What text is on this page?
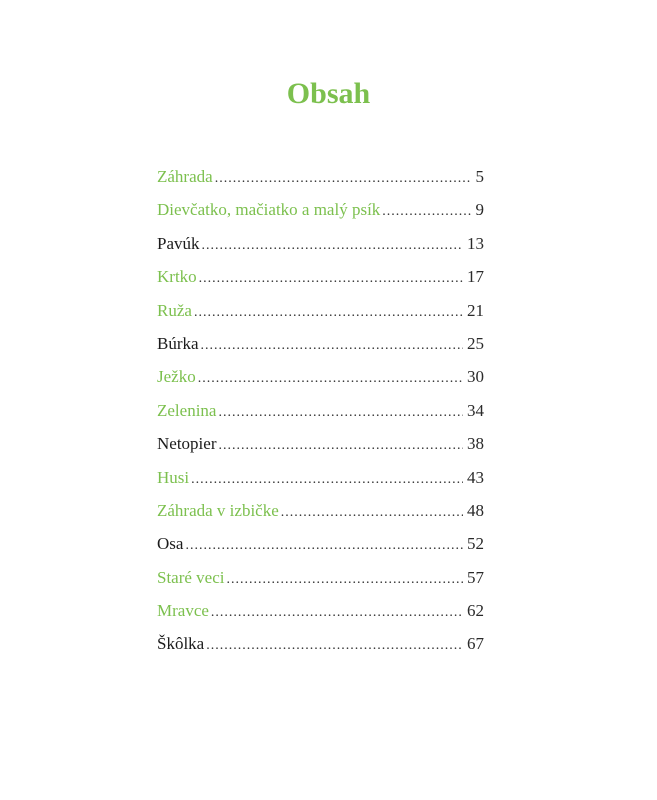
Obsah
Záhrada .....	5
Dievčatko, mačiatko a malý psík .....	9
Pavúk .....	13
Krtko .....	17
Ruža .....	21
Búrka .....	25
Ježko .....	30
Zelenina .....	34
Netopier .....	38
Husi .....	43
Záhrada v izbičke .....	48
Osa .....	52
Staré veci .....	57
Mravce .....	62
Škôlka .....	67
